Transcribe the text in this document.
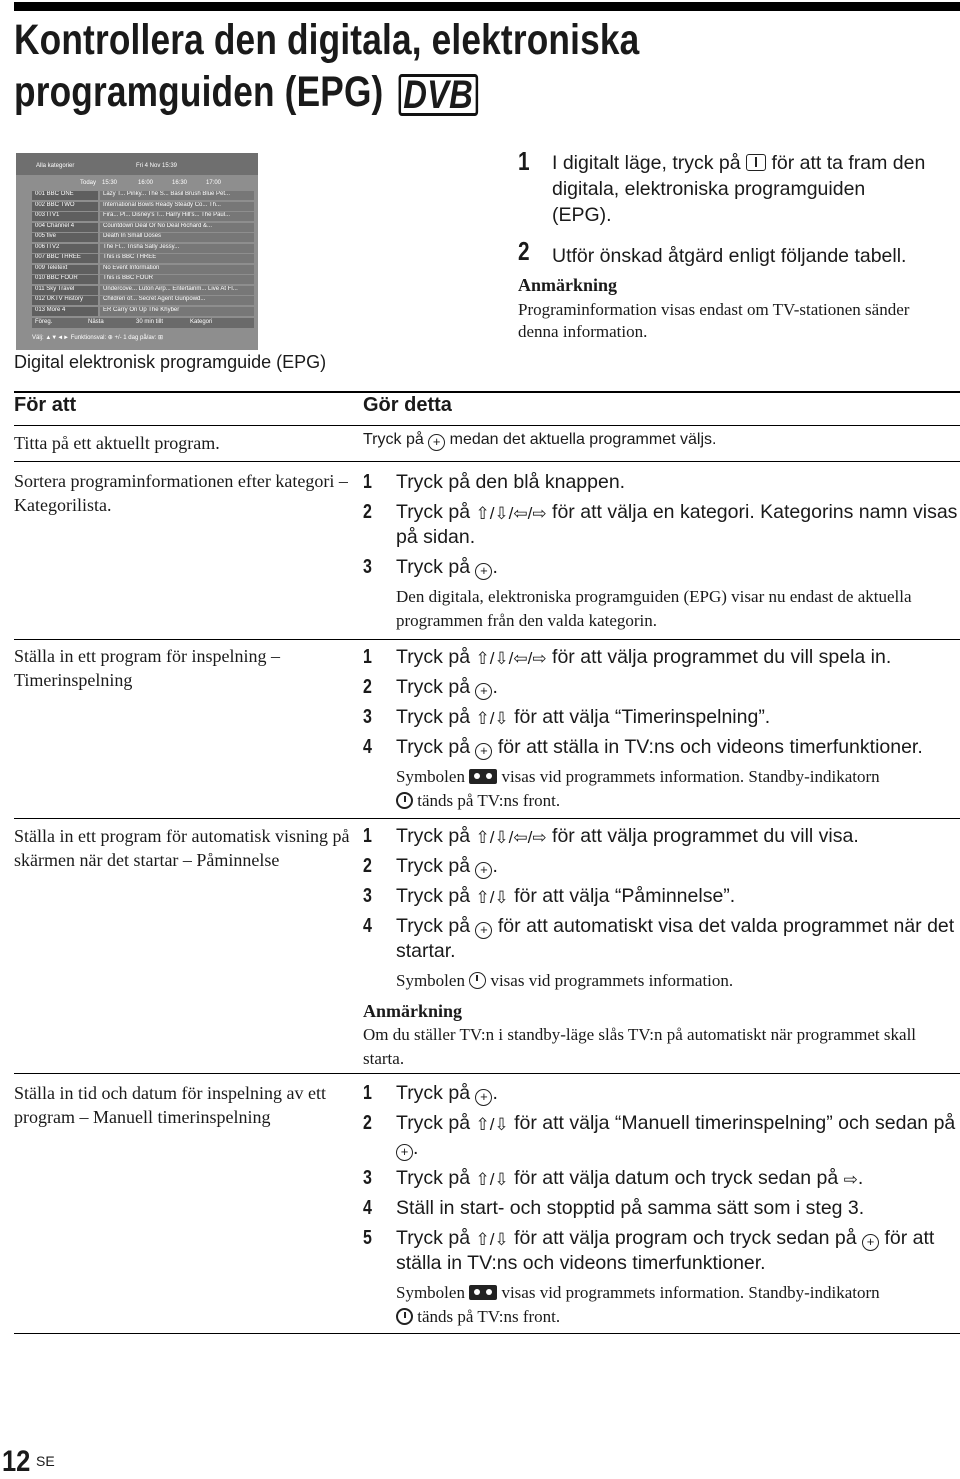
Kontrollera den digitala, elektroniska
programguiden (EPG) DVB
Alla kategorier	Fri 4 Nov 15:39
Today 15:30	16:00	16:30	17:00
001 BBC ONE	Lazy T... Pinky... The S... Basil Brush Blue Pet...
002 BBC TWO	International Bowls Ready Steady Co... Th...
003 ITV1	Fira... Pl... Disney's T... Harry Hill's... The Paul...
004 Channel 4	Countdown Deal Or No Deal Richard &...
005 five	Death In Small Doses
006 ITV2	The Fl... Trisha Sally Jessy...
007 BBC THREE	This is BBC THREE
009 Teletext	No Event Information
010 BBC FOUR	This is BBC FOUR
011 Sky Travel	Undercove... Luton Airp... Entertainm... Live At Fl...
012 UKTV History	Children of... Secret Agent Gunpowd...
013 More 4	ER Carry On Up The Khyber
Föreg.	Nästa	30 min tillt	Kategori
Välj: ▲▼◄► Funktionsval: ⊕ +/- 1 dag på/av: ⊞
Digital elektronisk programguide (EPG)
1 I digitalt läge, tryck på för att ta fram den
digitala, elektroniska programguiden
(EPG).
2 Utför önskad åtgärd enligt följande tabell.
Anmärkning
Programinformation visas endast om TV-stationen sänder
denna information.
För att	Gör detta
Titta på ett aktuellt program.	Tryck på + medan det aktuella programmet väljs.
Sortera programinformationen efter kategori – Kategorilista.
1 Tryck på den blå knappen.
2 Tryck på ⇧/⇩/⇦/⇨ för att välja en kategori. Kategorins namn visas på sidan.
3 Tryck på + .
Den digitala, elektroniska programguiden (EPG) visar nu endast de aktuella programmen från den valda kategorin.
Ställa in ett program för inspelning – Timerinspelning
1 Tryck på ⇧/⇩/⇦/⇨ för att välja programmet du vill spela in.
2 Tryck på + .
3 Tryck på ⇧/⇩ för att välja “Timerinspelning”.
4 Tryck på + för att ställa in TV:ns och videons timerfunktioner.
Symbolen visas vid programmets information. Standby-indikatorn
tänds på TV:ns front.
Ställa in ett program för automatisk visning på skärmen när det startar – Påminnelse
1 Tryck på ⇧/⇩/⇦/⇨ för att välja programmet du vill visa.
2 Tryck på + .
3 Tryck på ⇧/⇩ för att välja “Påminnelse”.
4 Tryck på + för att automatiskt visa det valda programmet när det startar.
Symbolen visas vid programmets information.
Anmärkning
Om du ställer TV:n i standby-läge slås TV:n på automatiskt när programmet skall starta.
Ställa in tid och datum för inspelning av ett program – Manuell timerinspelning
1 Tryck på + .
2 Tryck på ⇧/⇩ för att välja “Manuell timerinspelning” och sedan på + .
3 Tryck på ⇧/⇩ för att välja datum och tryck sedan på ⇨.
4 Ställ in start- och stopptid på samma sätt som i steg 3.
5 Tryck på ⇧/⇩ för att välja program och tryck sedan på + för att ställa in TV:ns och videons timerfunktioner.
Symbolen visas vid programmets information. Standby-indikatorn
tänds på TV:ns front.
12 SE
